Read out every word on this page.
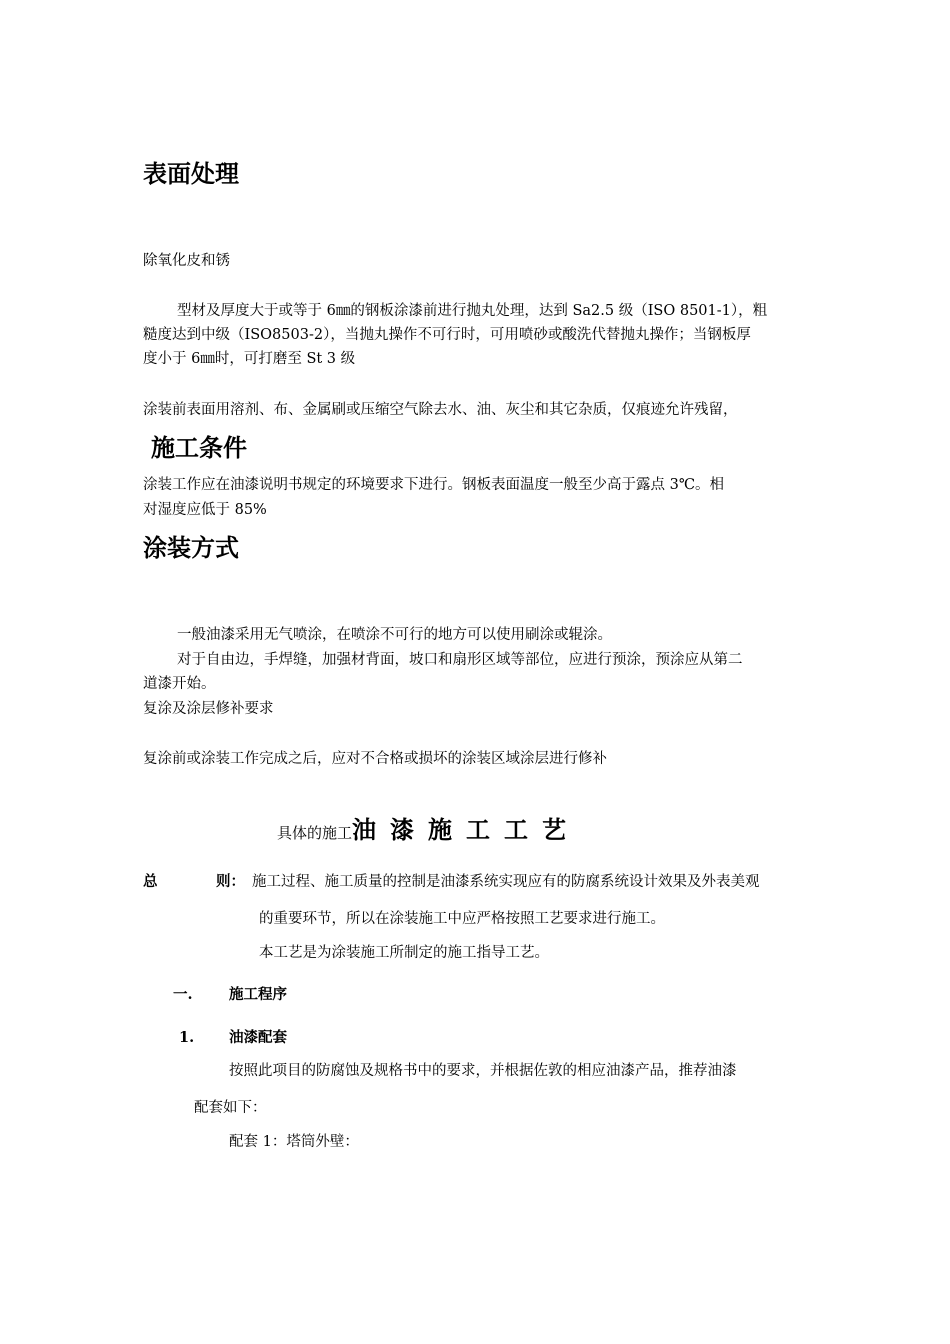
表面处理
除氧化皮和锈
型材及厚度大于或等于 6㎜的钢板涂漆前进行抛丸处理，达到 Sa2.5 级（ISO 8501-1），粗
糙度达到中级（ISO8503-2），当抛丸操作不可行时，可用喷砂或酸洗代替抛丸操作；当钢板厚
度小于 6㎜时，可打磨至 St 3 级
涂装前表面用溶剂、布、金属刷或压缩空气除去水、油、灰尘和其它杂质，仅痕迹允许残留，
施工条件
涂装工作应在油漆说明书规定的环境要求下进行。钢板表面温度一般至少高于露点 3℃。相
对湿度应低于 85%
涂装方式
一般油漆采用无气喷涂，在喷涂不可行的地方可以使用刷涂或辊涂。
对于自由边，手焊缝，加强材背面，坡口和扇形区域等部位，应进行预涂，预涂应从第二
道漆开始。
复涂及涂层修补要求
复涂前或涂装工作完成之后，应对不合格或损坏的涂装区域涂层进行修补
具体的施工油漆施工工艺
总	则： 施工过程、施工质量的控制是油漆系统实现应有的防腐系统设计效果及外表美观
的重要环节，所以在涂装施工中应严格按照工艺要求进行施工。
本工艺是为涂装施工所制定的施工指导工艺。
一.	施工程序
1. 油漆配套
按照此项目的防腐蚀及规格书中的要求，并根据佐敦的相应油漆产品，推荐油漆
配套如下：
配套 1：塔筒外壁：
